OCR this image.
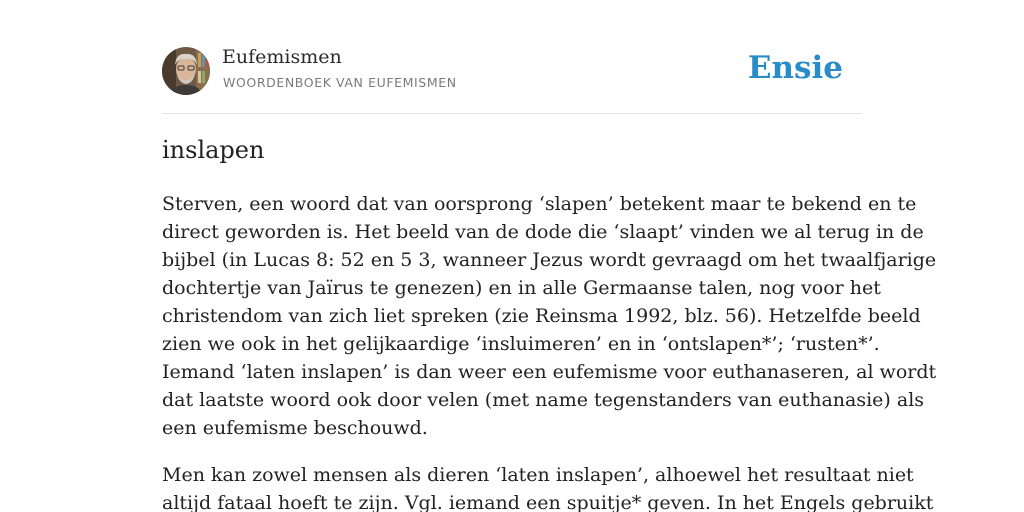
Eufemismen
WOORDENBOEK VAN EUFEMISMEN	Ensie
inslapen

Sterven, een woord dat van oorsprong ‘slapen’ betekent maar te bekend en te
direct geworden is. Het beeld van de dode die ‘slaapt’ vinden we al terug in de
bijbel (in Lucas 8: 52 en 5 3, wanneer Jezus wordt gevraagd om het twaalfjarige
dochtertje van Jaïrus te genezen) en in alle Germaanse talen, nog voor het
christendom van zich liet spreken (zie Reinsma 1992, blz. 56). Hetzelfde beeld
zien we ook in het gelijkaardige ‘insluimeren’ en in ‘ontslapen*’; ‘rusten*’.
Iemand ‘laten inslapen’ is dan weer een eufemisme voor euthanaseren, al wordt
dat laatste woord ook door velen (met name tegenstanders van euthanasie) als
een eufemisme beschouwd.

Men kan zowel mensen als dieren ‘laten inslapen’, alhoewel het resultaat niet
altijd fataal hoeft te zijn. Vgl. iemand een spuitje* geven. In het Engels gebruikt
